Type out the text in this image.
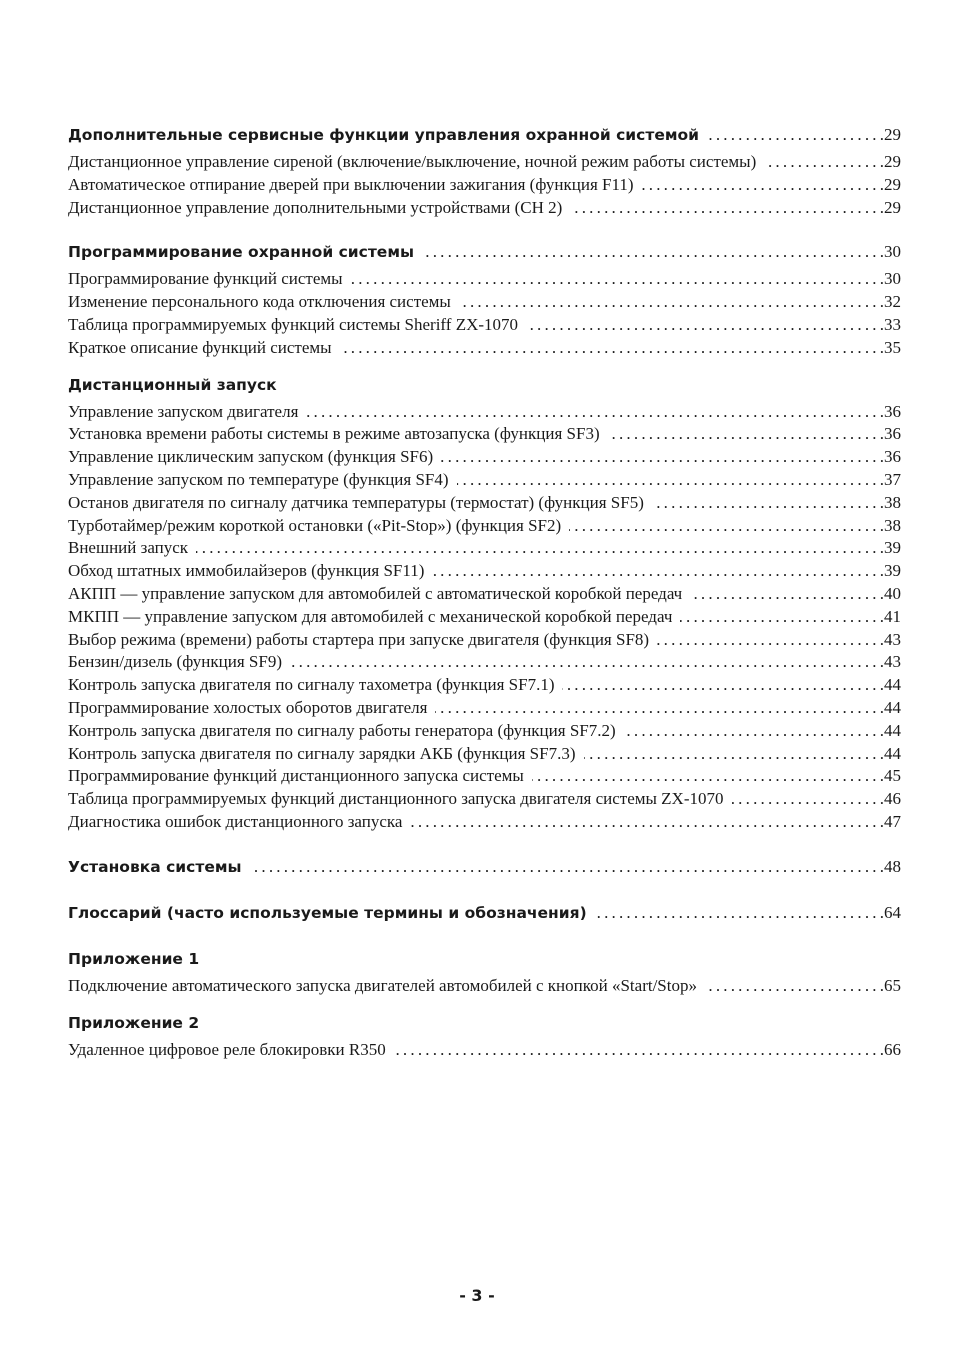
Дополнительные сервисные функции управления охранной системой .....	.29
Дистанционное управление сиреной (включение/выключение, ночной режим работы системы) .....	.29
Автоматическое отпирание дверей при выключении зажигания (функция F11) .....	.29
Дистанционное управление дополнительными устройствами (CH 2) .....	.29
Программирование охранной системы .....	.30
Программирование функций системы .....	.30
Изменение персонального кода отключения системы .....	.32
Таблица программируемых функций системы Sheriff ZX-1070 .....	.33
Краткое описание функций системы .....	.35
Дистанционный запуск
Управление запуском двигателя .....	.36
Установка времени работы системы в режиме автозапуска (функция SF3) .....	.36
Управление циклическим запуском (функция SF6) .....	.36
Управление запуском по температуре (функция SF4) .....	.37
Останов двигателя по сигналу датчика температуры (термостат) (функция SF5) .....	.38
Турботаймер/режим короткой остановки («Pit-Stop») (функция SF2) .....	.38
Внешний запуск .....	.39
Обход штатных иммобилайзеров (функция SF11) .....	.39
АКПП — управление запуском для автомобилей с автоматической коробкой передач .....	.40
МКПП — управление запуском для автомобилей с механической коробкой передач .....	.41
Выбор режима (времени) работы стартера при запуске двигателя (функция SF8) .....	.43
Бензин/дизель (функция SF9) .....	.43
Контроль запуска двигателя по сигналу тахометра (функция SF7.1) .....	.44
Программирование холостых оборотов двигателя .....	.44
Контроль запуска двигателя по сигналу работы генератора (функция SF7.2) .....	.44
Контроль запуска двигателя по сигналу зарядки АКБ (функция SF7.3) .....	.44
Программирование функций дистанционного запуска системы .....	.45
Таблица программируемых функций дистанционного запуска двигателя системы ZX-1070 .....	.46
Диагностика ошибок дистанционного запуска .....	.47
Установка системы .....	.48
Глоссарий (часто используемые термины и обозначения) .....	.64
Приложение 1
Подключение автоматического запуска двигателей автомобилей с кнопкой «Start/Stop» .....	.65
Приложение 2
Удаленное цифровое реле блокировки R350 .....	.66
- 3 -
